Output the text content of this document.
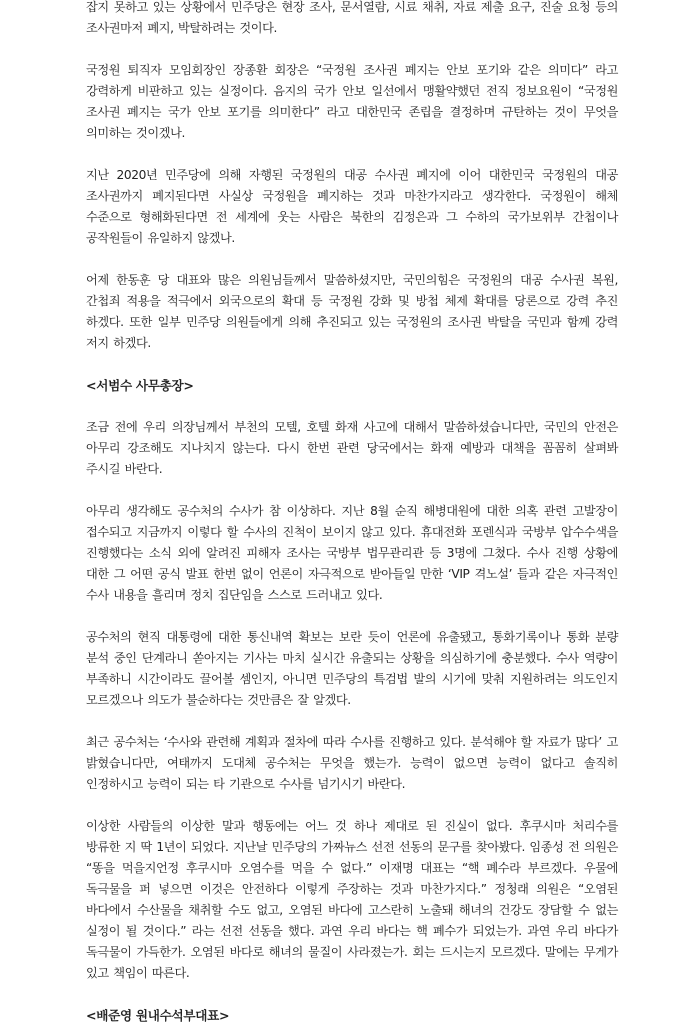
잡지 못하고 있는 상황에서 민주당은 현장 조사, 문서열람, 시료 채취, 자료 제출 요구, 진술 요청 등의 조사권마저 폐지, 박탈하려는 것이다.

국정원 퇴직자 모임회장인 장종환 회장은 “국정원 조사권 폐지는 안보 포기와 같은 의미다” 라고 강력하게 비판하고 있는 실정이다. 음지의 국가 안보 일선에서 맹활약했던 전직 정보요원이 “국정원 조사권 폐지는 국가 안보 포기를 의미한다” 라고 대한민국 존립을 결정하며 규탄하는 것이 무엇을 의미하는 것이겠나.

지난 2020년 민주당에 의해 자행된 국정원의 대공 수사권 폐지에 이어 대한민국 국정원의 대공 조사권까지 폐지된다면 사실상 국정원을 폐지하는 것과 마찬가지라고 생각한다. 국정원이 해체 수준으로 형해화된다면 전 세계에 웃는 사람은 북한의 김정은과 그 수하의 국가보위부 간첩이나 공작원들이 유일하지 않겠나.

어제 한동훈 당 대표와 많은 의원님들께서 말씀하셨지만, 국민의힘은 국정원의 대공 수사권 복원, 간첩죄 적용을 적극에서 외국으로의 확대 등 국정원 강화 및 방첩 체제 확대를 당론으로 강력 추진 하겠다. 또한 일부 민주당 의원들에게 의해 추진되고 있는 국정원의 조사권 박탈을 국민과 함께 강력 저지 하겠다.

<서범수 사무총장>

조금 전에 우리 의장님께서 부천의 모텔, 호텔 화재 사고에 대해서 말씀하셨습니다만, 국민의 안전은 아무리 강조해도 지나치지 않는다. 다시 한번 관련 당국에서는 화재 예방과 대책을 꼼꼼히 살펴봐 주시길 바란다.

아무리 생각해도 공수처의 수사가 참 이상하다. 지난 8월 순직 해병대원에 대한 의혹 관련 고발장이 접수되고 지금까지 이렇다 할 수사의 진척이 보이지 않고 있다. 휴대전화 포렌식과 국방부 압수수색을 진행했다는 소식 외에 알려진 피해자 조사는 국방부 법무관리관 등 3명에 그쳤다. 수사 진행 상황에 대한 그 어떤 공식 발표 한번 없이 언론이 자극적으로 받아들일 만한 ‘VIP 격노설’ 들과 같은 자극적인 수사 내용을 흘리며 정치 집단임을 스스로 드러내고 있다.

공수처의 현직 대통령에 대한 통신내역 확보는 보란 듯이 언론에 유출됐고, 통화기록이나 통화 분량 분석 중인 단계라니 쏟아지는 기사는 마치 실시간 유출되는 상황을 의심하기에 충분했다. 수사 역량이 부족하니 시간이라도 끌어볼 셈인지, 아니면 민주당의 특검법 발의 시기에 맞춰 지원하려는 의도인지 모르겠으나 의도가 불순하다는 것만큼은 잘 알겠다.

최근 공수처는 ‘수사와 관련해 계획과 절차에 따라 수사를 진행하고 있다. 분석해야 할 자료가 많다’ 고 밝혔습니다만, 여태까지 도대체 공수처는 무엇을 했는가. 능력이 없으면 능력이 없다고 솔직히 인정하시고 능력이 되는 타 기관으로 수사를 넘기시기 바란다.

이상한 사람들의 이상한 말과 행동에는 어느 것 하나 제대로 된 진실이 없다. 후쿠시마 처리수를 방류한 지 딱 1년이 되었다. 지난날 민주당의 가짜뉴스 선전 선동의 문구를 찾아봤다. 임종성 전 의원은 “똥을 먹을지언정 후쿠시마 오염수를 먹을 수 없다.” 이재명 대표는 “핵 폐수라 부르겠다. 우물에 독극물을 퍼 넣으면 이것은 안전하다 이렇게 주장하는 것과 마찬가지다.” 정청래 의원은 “오염된 바다에서 수산물을 채취할 수도 없고, 오염된 바다에 고스란히 노출돼 해녀의 건강도 장담할 수 없는 실정이 될 것이다.” 라는 선전 선동을 했다. 과연 우리 바다는 핵 폐수가 되었는가. 과연 우리 바다가 독극물이 가득한가. 오염된 바다로 해녀의 물질이 사라졌는가. 회는 드시는지 모르겠다. 말에는 무게가 있고 책임이 따른다.

<배준영 원내수석부대표>
